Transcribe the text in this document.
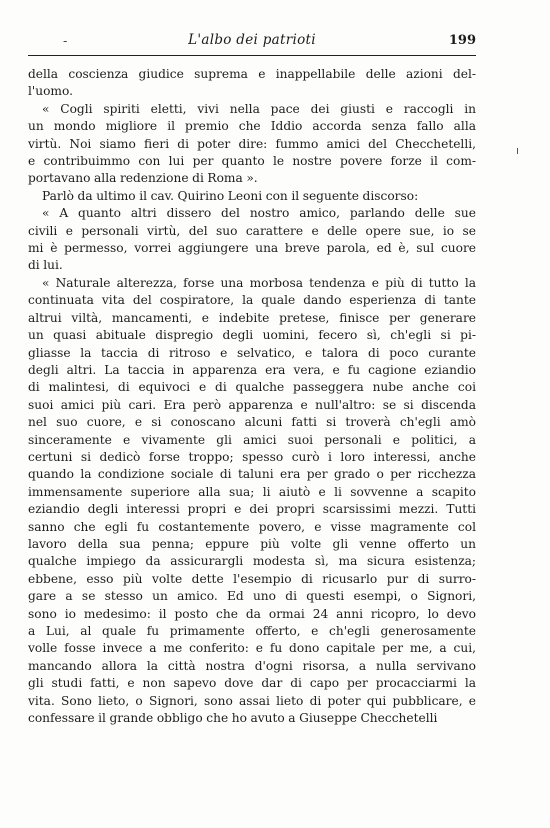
-	L'albo dei patrioti	199
della coscienza giudice suprema e inappellabile delle azioni del-
l'uomo.
« Cogli spiriti eletti, vivi nella pace dei giusti e raccogli in
un mondo migliore il premio che Iddio accorda senza fallo alla
virtù. Noi siamo fieri di poter dire: fummo amici del Checchetelli,
e contribuimmo con lui per quanto le nostre povere forze il com-
portavano alla redenzione di Roma ».
Parlò da ultimo il cav. Quirino Leoni con il seguente discorso:
« A quanto altri dissero del nostro amico, parlando delle sue
civili e personali virtù, del suo carattere e delle opere sue, io se
mi è permesso, vorrei aggiungere una breve parola, ed è, sul cuore
di lui.
« Naturale alterezza, forse una morbosa tendenza e più di tutto la
continuata vita del cospiratore, la quale dando esperienza di tante
altrui viltà, mancamenti, e indebite pretese, finisce per generare
un quasi abituale dispregio degli uomini, fecero sì, ch'egli si pi-
gliasse la taccia di ritroso e selvatico, e talora di poco curante
degli altri. La taccia in apparenza era vera, e fu cagione eziandio
di malintesi, di equivoci e di qualche passeggera nube anche coi
suoi amici più cari. Era però apparenza e null'altro: se si discenda
nel suo cuore, e si conoscano alcuni fatti si troverà ch'egli amò
sinceramente e vivamente gli amici suoi personali e politici, a
certuni si dedicò forse troppo; spesso curò i loro interessi, anche
quando la condizione sociale di taluni era per grado o per ricchezza
immensamente superiore alla sua; li aiutò e li sovvenne a scapito
eziandio degli interessi propri e dei propri scarsissimi mezzi. Tutti
sanno che egli fu costantemente povero, e visse magramente col
lavoro della sua penna; eppure più volte gli venne offerto un
qualche impiego da assicurargli modesta sì, ma sicura esistenza;
ebbene, esso più volte dette l'esempio di ricusarlo pur di surro-
gare a se stesso un amico. Ed uno di questi esempi, o Signori,
sono io medesimo: il posto che da ormai 24 anni ricopro, lo devo
a Lui, al quale fu primamente offerto, e ch'egli generosamente
volle fosse invece a me conferito: e fu dono capitale per me, a cui,
mancando allora la città nostra d'ogni risorsa, a nulla servivano
gli studi fatti, e non sapevo dove dar di capo per procacciarmi la
vita. Sono lieto, o Signori, sono assai lieto di poter qui pubblicare, e
confessare il grande obbligo che ho avuto a Giuseppe Checchetelli
